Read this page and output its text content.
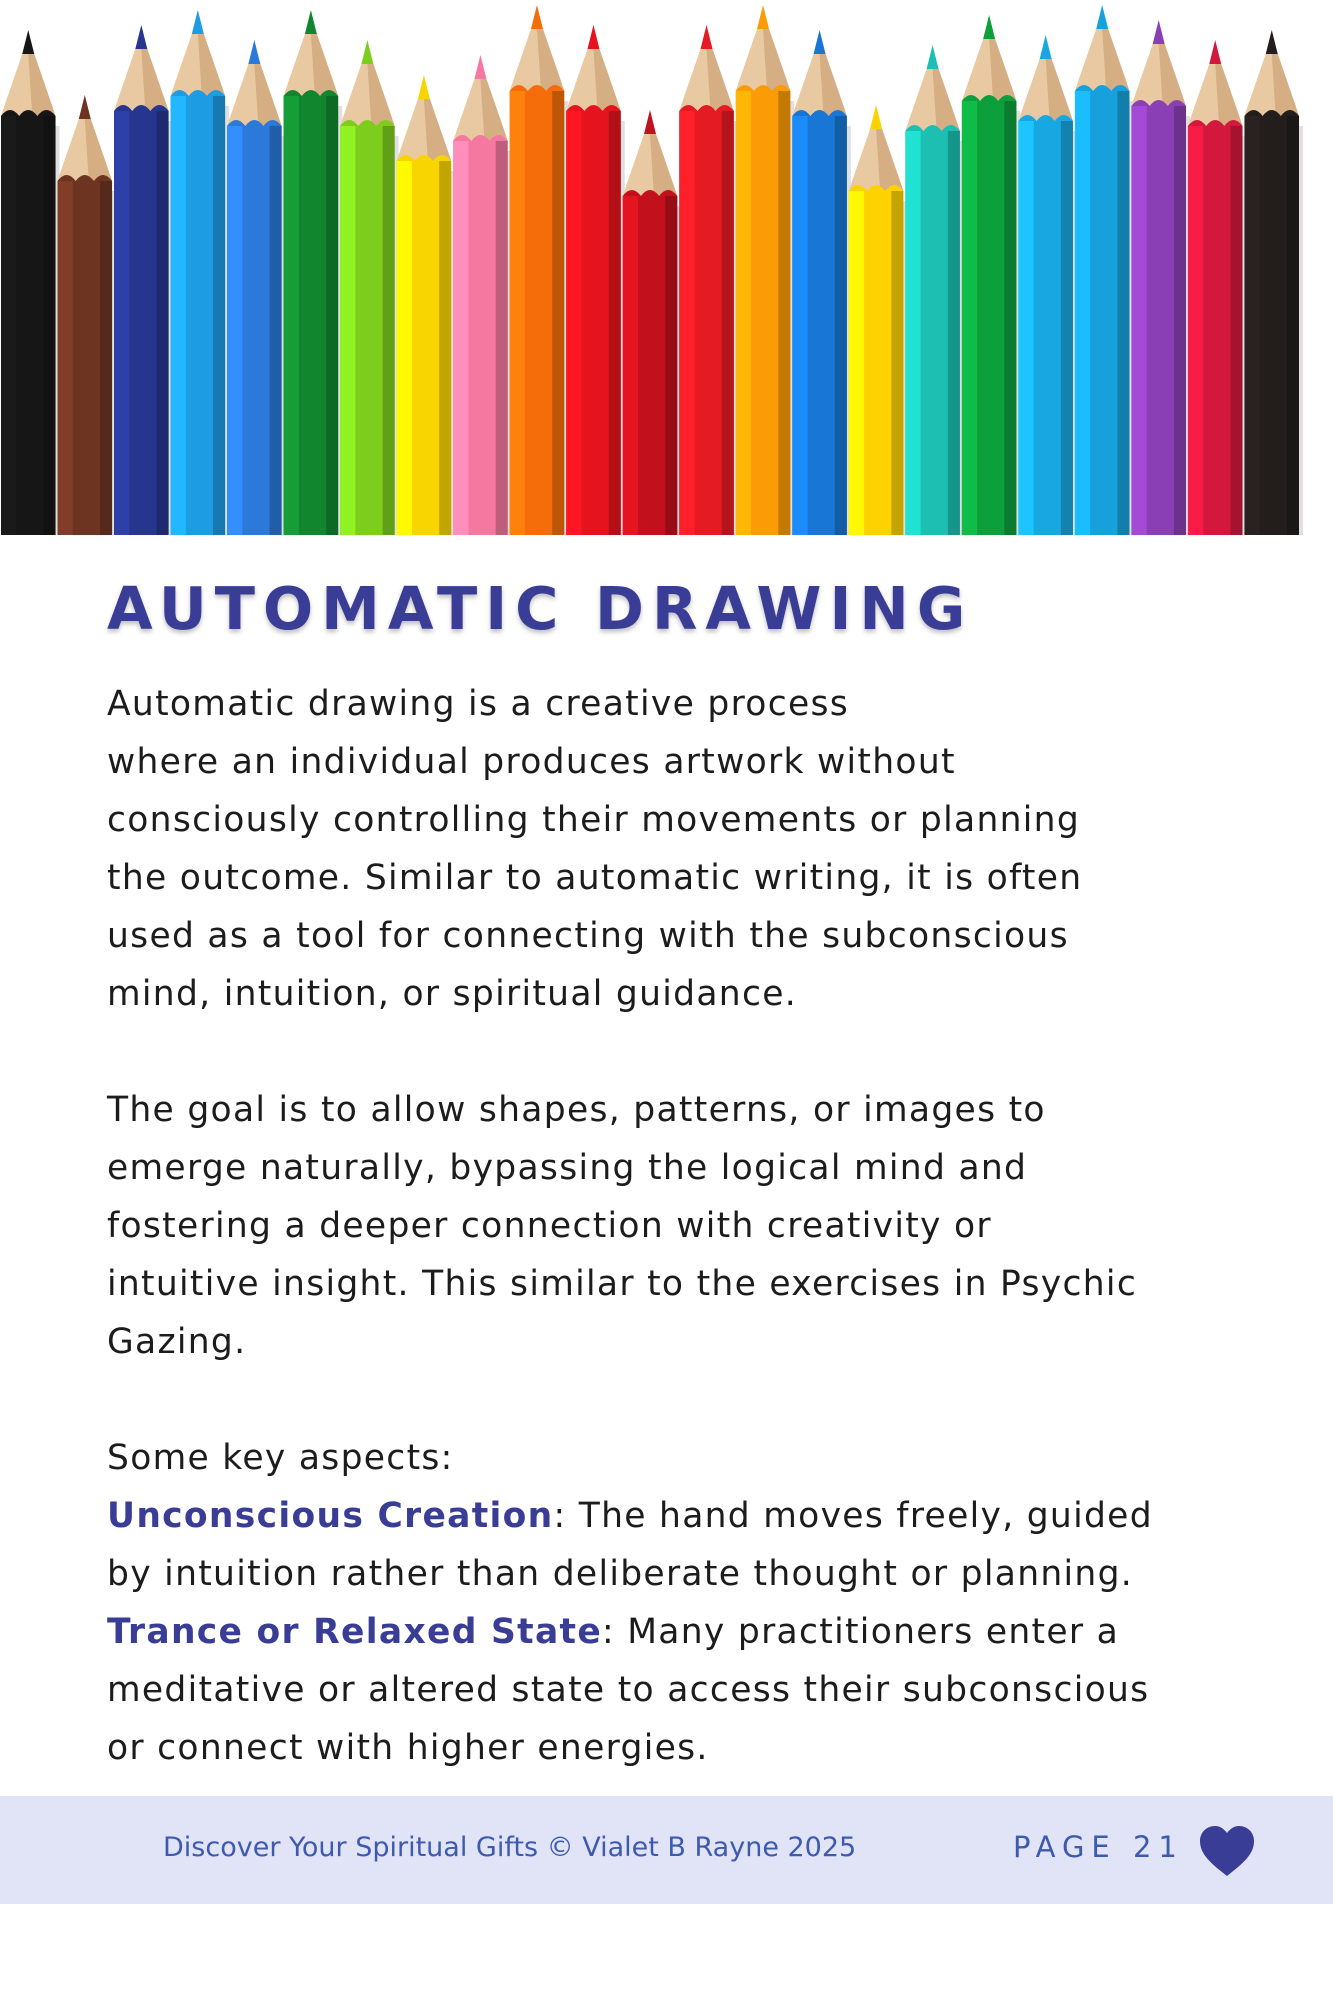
AUTOMATIC DRAWING

Automatic drawing is a creative process

where an individual produces artwork without

consciously controlling their movements or planning

the outcome. Similar to automatic writing, it is often

used as a tool for connecting with the subconscious

mind, intuition, or spiritual guidance.

The goal is to allow shapes, patterns, or images to

emerge naturally, bypassing the logical mind and

fostering a deeper connection with creativity or

intuitive insight. This similar to the exercises in Psychic

Gazing.

Some key aspects:

Unconscious Creation: The hand moves freely, guided

by intuition rather than deliberate thought or planning.

Trance or Relaxed State: Many practitioners enter a

meditative or altered state to access their subconscious

or connect with higher energies.

Discover Your Spiritual Gifts © Vialet B Rayne 2025	PAGE 21
